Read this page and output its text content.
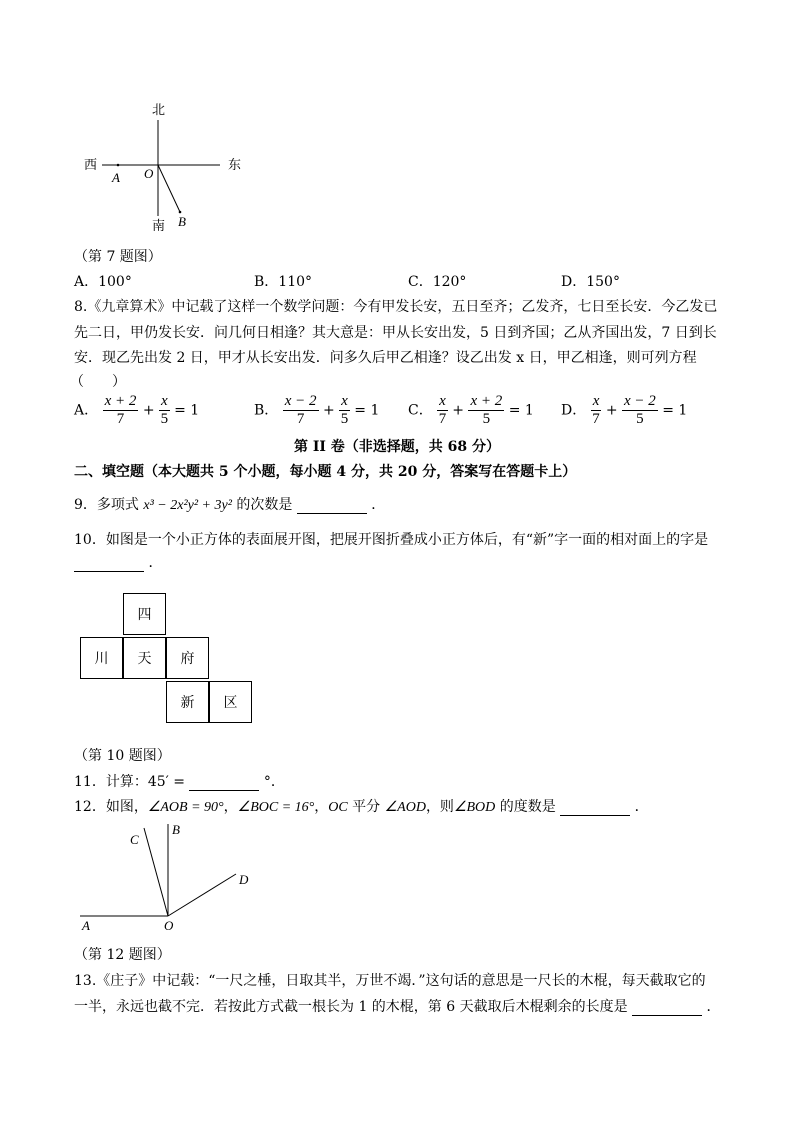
北
南
西	东
A O
B
（第 7 题图）
A．100°	B．110°	C．120°	D．150°
8.《九章算术》中记载了这样一个数学问题：今有甲发长安，五日至齐；乙发齐，七日至长安．今乙发已
先二日，甲仍发长安．问几何日相逢？其大意是：甲从长安出发，5 日到齐国；乙从齐国出发，7 日到长
安．现乙先出发 2 日，甲才从长安出发．问多久后甲乙相逢？设乙出发 x 日，甲乙相逢，则可列方程
（　　）
A． $\frac{x + 2}{7} + \frac{x}{5} = 1$	B． $\frac{x - 2}{7} + \frac{x}{5} = 1$ C． $\frac{x}{7} + \frac{x + 2}{5} = 1$ D． $\frac{x}{7} + \frac{x - 2}{5} = 1$
第 II 卷（非选择题，共 68 分）
二、填空题（本大题共 5 个小题，每小题 4 分，共 20 分，答案写在答题卡上）
9．多项式 x³ − 2x²y² + 3y² 的次数是	．
10．如图是一个小正方体的表面展开图，把展开图折叠成小正方体后，有“新”字一面的相对面上的字是
．
四
川	天	府
新	区
（第 10 题图）
11．计算：45′ =	°．
12．如图，∠AOB = 90°，∠BOC = 16°，OC 平分 ∠AOD，则∠BOD 的度数是	．
A
B
C
D
O
（第 12 题图）
13.《庄子》中记载：“一尺之棰，日取其半，万世不竭．”这句话的意思是一尺长的木棍，每天截取它的
一半，永远也截不完．若按此方式截一根长为 1 的木棍，第 6 天截取后木棍剩余的长度是	．
